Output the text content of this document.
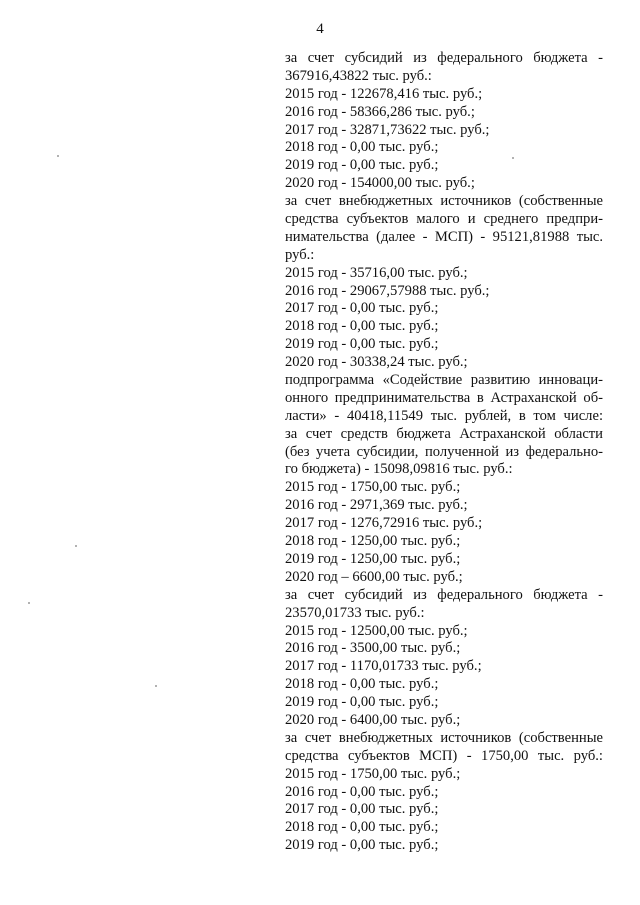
4
за счет субсидий из федерального бюджета -
367916,43822 тыс. руб.:
2015 год - 122678,416 тыс. руб.;
2016 год - 58366,286 тыс. руб.;
2017 год - 32871,73622 тыс. руб.;
2018 год - 0,00 тыс. руб.;
2019 год - 0,00 тыс. руб.;
2020 год - 154000,00 тыс. руб.;
за счет внебюджетных источников (собственные
средства субъектов малого и среднего предпри-
нимательства (далее - МСП) - 95121,81988 тыс.
руб.:
2015 год - 35716,00 тыс. руб.;
2016 год - 29067,57988 тыс. руб.;
2017 год - 0,00 тыс. руб.;
2018 год - 0,00 тыс. руб.;
2019 год - 0,00 тыс. руб.;
2020 год - 30338,24 тыс. руб.;
подпрограмма «Содействие развитию инноваци-
онного предпринимательства в Астраханской об-
ласти» - 40418,11549 тыс. рублей, в том числе:
за счет средств бюджета Астраханской области
(без учета субсидии, полученной из федерально-
го бюджета) - 15098,09816 тыс. руб.:
2015 год - 1750,00 тыс. руб.;
2016 год - 2971,369 тыс. руб.;
2017 год - 1276,72916 тыс. руб.;
2018 год - 1250,00 тыс. руб.;
2019 год - 1250,00 тыс. руб.;
2020 год – 6600,00 тыс. руб.;
за счет субсидий из федерального бюджета -
23570,01733 тыс. руб.:
2015 год - 12500,00 тыс. руб.;
2016 год - 3500,00 тыс. руб.;
2017 год - 1170,01733 тыс. руб.;
2018 год - 0,00 тыс. руб.;
2019 год - 0,00 тыс. руб.;
2020 год - 6400,00 тыс. руб.;
за счет внебюджетных источников (собственные
средства субъектов МСП) - 1750,00 тыс. руб.:
2015 год - 1750,00 тыс. руб.;
2016 год - 0,00 тыс. руб.;
2017 год - 0,00 тыс. руб.;
2018 год - 0,00 тыс. руб.;
2019 год - 0,00 тыс. руб.;
